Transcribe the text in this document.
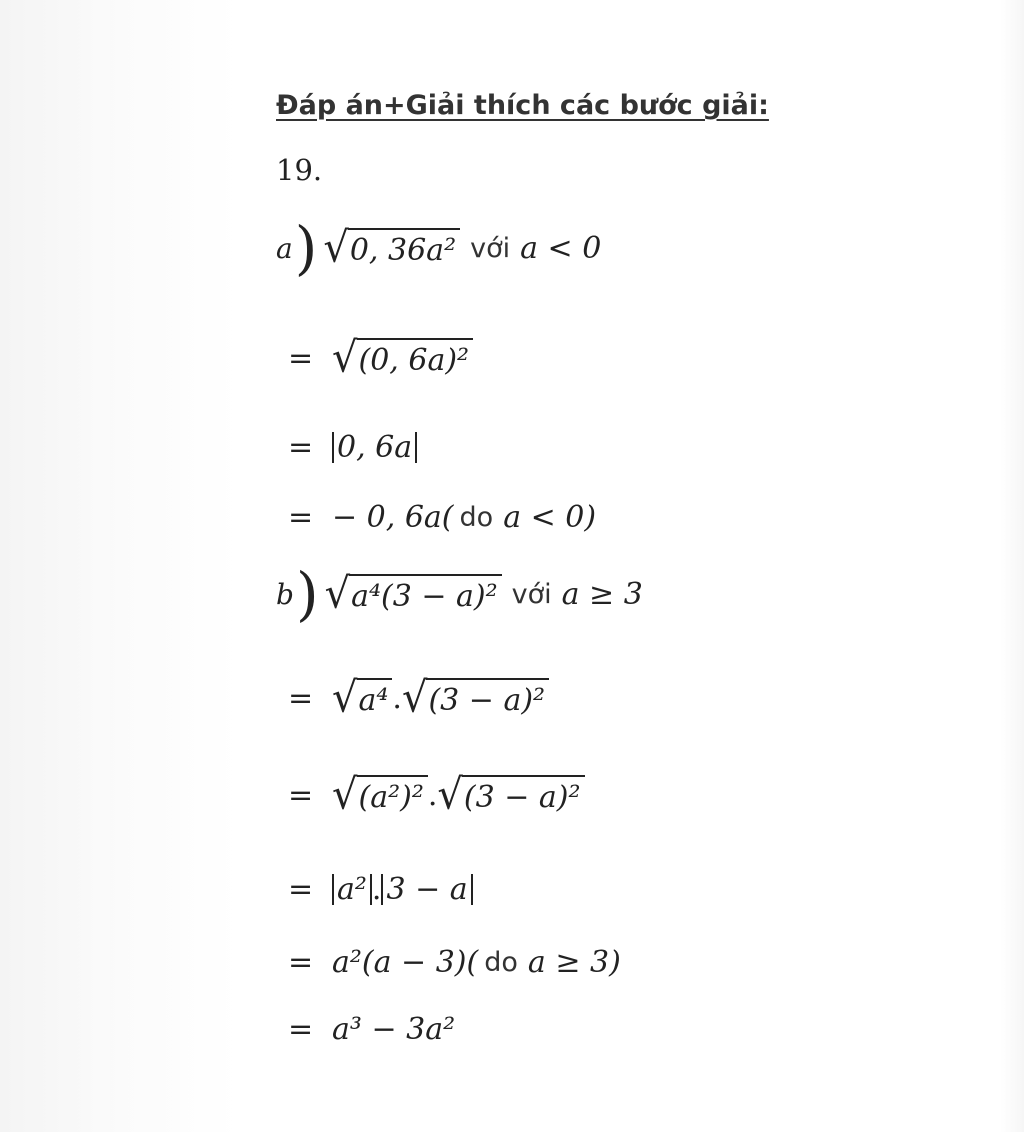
Đáp án+Giải thích các bước giải:

19.
a ) √ 0, 36a² với a < 0
= √ (0, 6a)²
= 0, 6a
= − 0, 6a( do a < 0)
b ) √ a⁴(3 − a)² với a ≥ 3
= √ a⁴ . √ (3 − a)²
= √ (a²)² . √ (3 − a)²
= a² . 3 − a
= a²(a − 3)( do a ≥ 3)
= a³ − 3a²
